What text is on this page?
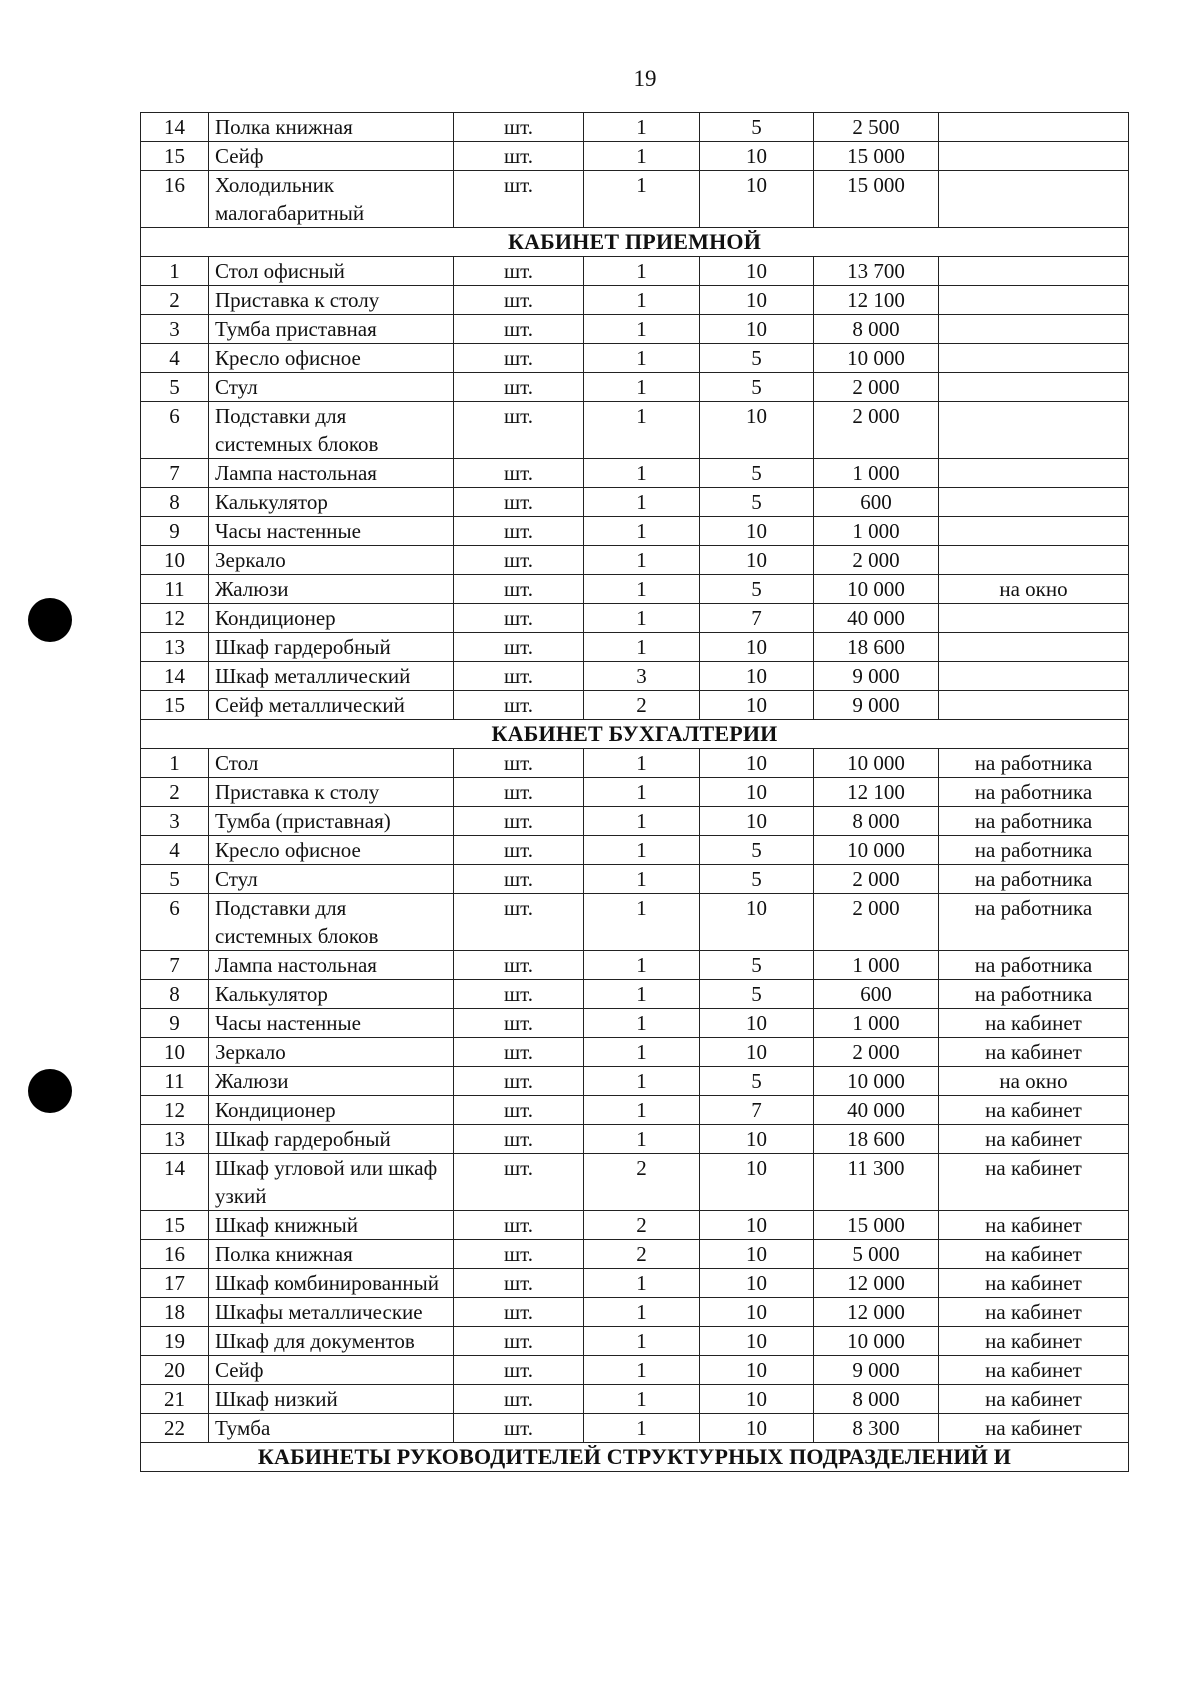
19
14	Полка книжная	шт.	1	5	2 500	
15	Сейф	шт.	1	10	15 000	
16	Холодильник малогабаритный	шт.	1	10	15 000	
КАБИНЕТ ПРИЕМНОЙ						
1	Стол офисный	шт.	1	10	13 700	
2	Приставка к столу	шт.	1	10	12 100	
3	Тумба приставная	шт.	1	10	8 000	
4	Кресло офисное	шт.	1	5	10 000	
5	Стул	шт.	1	5	2 000	
6	Подставки для системных блоков	шт.	1	10	2 000	
7	Лампа настольная	шт.	1	5	1 000	
8	Калькулятор	шт.	1	5	600	
9	Часы настенные	шт.	1	10	1 000	
10	Зеркало	шт.	1	10	2 000	
11	Жалюзи	шт.	1	5	10 000	на окно
12	Кондиционер	шт.	1	7	40 000	
13	Шкаф гардеробный	шт.	1	10	18 600	
14	Шкаф металлический	шт.	3	10	9 000	
15	Сейф металлический	шт.	2	10	9 000	
КАБИНЕТ БУХГАЛТЕРИИ						
1	Стол	шт.	1	10	10 000	на работника
2	Приставка к столу	шт.	1	10	12 100	на работника
3	Тумба (приставная)	шт.	1	10	8 000	на работника
4	Кресло офисное	шт.	1	5	10 000	на работника
5	Стул	шт.	1	5	2 000	на работника
6	Подставки для системных блоков	шт.	1	10	2 000	на работника
7	Лампа настольная	шт.	1	5	1 000	на работника
8	Калькулятор	шт.	1	5	600	на работника
9	Часы настенные	шт.	1	10	1 000	на кабинет
10	Зеркало	шт.	1	10	2 000	на кабинет
11	Жалюзи	шт.	1	5	10 000	на окно
12	Кондиционер	шт.	1	7	40 000	на кабинет
13	Шкаф гардеробный	шт.	1	10	18 600	на кабинет
14	Шкаф угловой или шкаф узкий	шт.	2	10	11 300	на кабинет
15	Шкаф книжный	шт.	2	10	15 000	на кабинет
16	Полка книжная	шт.	2	10	5 000	на кабинет
17	Шкаф комбинированный	шт.	1	10	12 000	на кабинет
18	Шкафы металлические	шт.	1	10	12 000	на кабинет
19	Шкаф для документов	шт.	1	10	10 000	на кабинет
20	Сейф	шт.	1	10	9 000	на кабинет
21	Шкаф низкий	шт.	1	10	8 000	на кабинет
22	Тумба	шт.	1	10	8 300	на кабинет
КАБИНЕТЫ РУКОВОДИТЕЛЕЙ СТРУКТУРНЫХ ПОДРАЗДЕЛЕНИЙ И						
